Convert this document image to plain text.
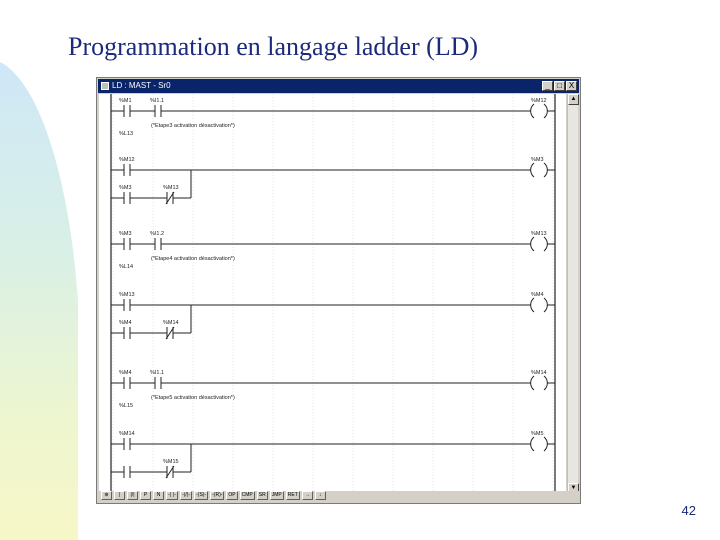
Programmation en langage ladder (LD)
LD : MAST - Sr0	_ □ X
%M1	%I1.1	%M12
(*Etape3 activation désactivation*)
%L13
%M12	%M3
%M3	%M13
%M3	%I1.2	%M13
(*Etape4 activation désactivation*)
%L14
%M13	%M4
%M4	%M14
%M4	%I1.1	%M14
(*Etape5 activation désactivation*)
%L15
%M14	%M5
%M15
▲
▼
⊕	|	|/|	P	N	-( )-	-(/)-	-(S)-	-(R)-	OP	CMP	SR	JMP	RET	→	↓
42
